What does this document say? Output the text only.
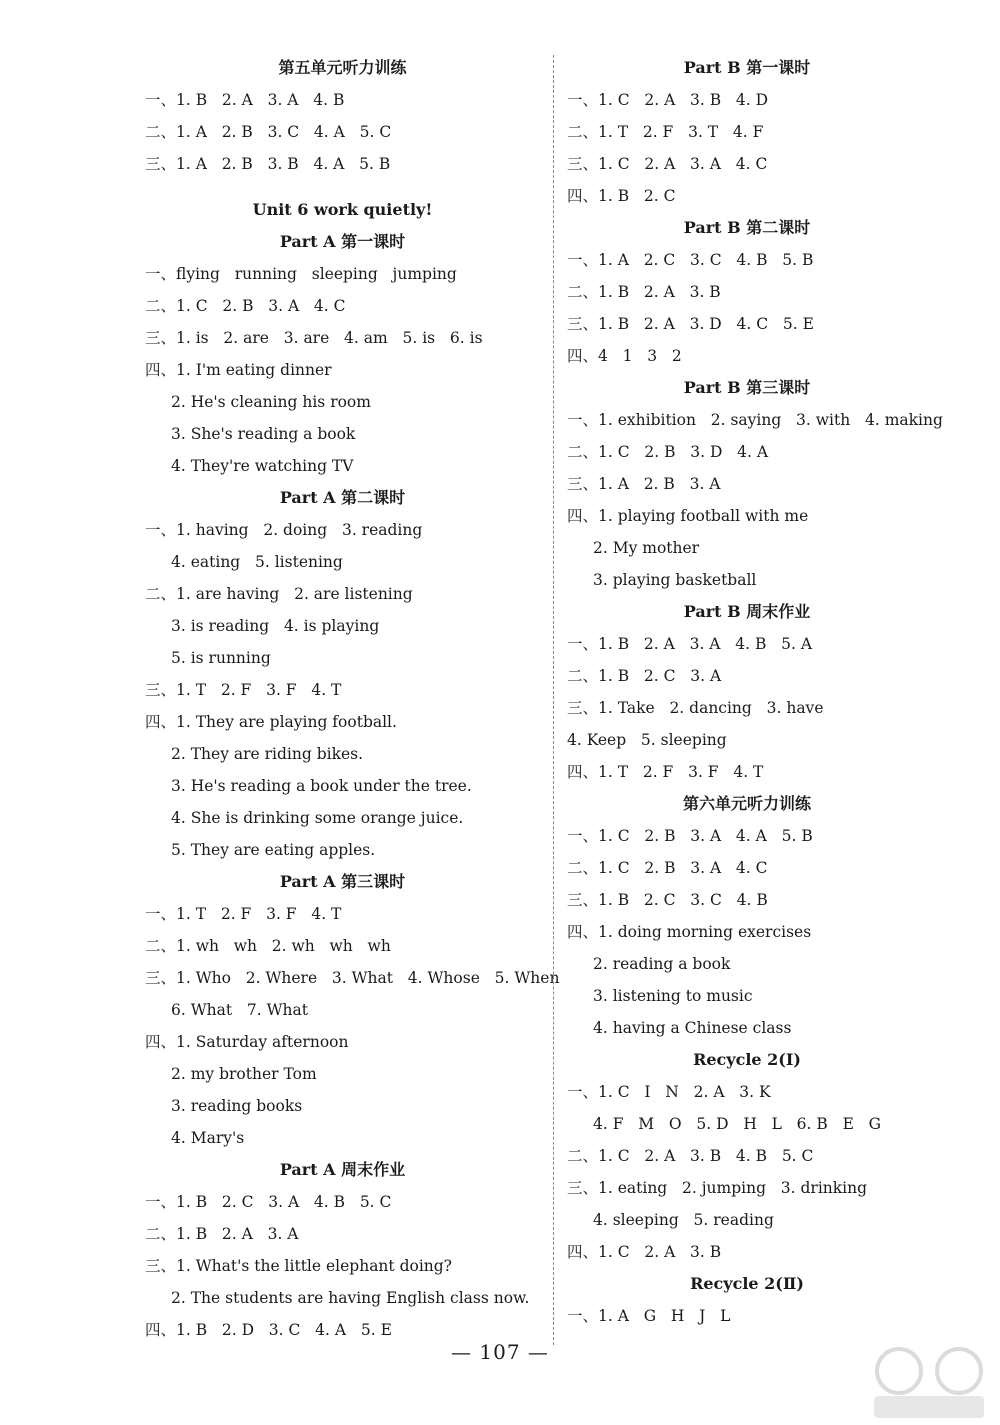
第五单元听力训练
一、1. B   2. A   3. A   4. B
二、1. A   2. B   3. C   4. A   5. C
三、1. A   2. B   3. B   4. A   5. B
Unit 6 work quietly!
Part A 第一课时
一、flying   running   sleeping   jumping
二、1. C   2. B   3. A   4. C
三、1. is   2. are   3. are   4. am   5. is   6. is
四、1. I'm eating dinner
2. He's cleaning his room
3. She's reading a book
4. They're watching TV
Part A 第二课时
一、1. having   2. doing   3. reading
4. eating   5. listening
二、1. are having   2. are listening
3. is reading   4. is playing
5. is running
三、1. T   2. F   3. F   4. T
四、1. They are playing football.
2. They are riding bikes.
3. He's reading a book under the tree.
4. She is drinking some orange juice.
5. They are eating apples.
Part A 第三课时
一、1. T   2. F   3. F   4. T
二、1. wh   wh   2. wh   wh   wh
三、1. Who   2. Where   3. What   4. Whose   5. When
6. What   7. What
四、1. Saturday afternoon
2. my brother Tom
3. reading books
4. Mary's
Part A 周末作业
一、1. B   2. C   3. A   4. B   5. C
二、1. B   2. A   3. A
三、1. What's the little elephant doing?
2. The students are having English class now.
四、1. B   2. D   3. C   4. A   5. E
Part B 第一课时
一、1. C   2. A   3. B   4. D
二、1. T   2. F   3. T   4. F
三、1. C   2. A   3. A   4. C
四、1. B   2. C
Part B 第二课时
一、1. A   2. C   3. C   4. B   5. B
二、1. B   2. A   3. B
三、1. B   2. A   3. D   4. C   5. E
四、4   1   3   2
Part B 第三课时
一、1. exhibition   2. saying   3. with   4. making
二、1. C   2. B   3. D   4. A
三、1. A   2. B   3. A
四、1. playing football with me
2. My mother
3. playing basketball
Part B 周末作业
一、1. B   2. A   3. A   4. B   5. A
二、1. B   2. C   3. A
三、1. Take   2. dancing   3. have
4. Keep   5. sleeping
四、1. T   2. F   3. F   4. T
第六单元听力训练
一、1. C   2. B   3. A   4. A   5. B
二、1. C   2. B   3. A   4. C
三、1. B   2. C   3. C   4. B
四、1. doing morning exercises
2. reading a book
3. listening to music
4. having a Chinese class
Recycle 2(Ⅰ)
一、1. C   I   N   2. A   3. K
4. F   M   O   5. D   H   L   6. B   E   G
二、1. C   2. A   3. B   4. B   5. C
三、1. eating   2. jumping   3. drinking
4. sleeping   5. reading
四、1. C   2. A   3. B
Recycle 2(Ⅱ)
一、1. A   G   H   J   L
— 107 —
